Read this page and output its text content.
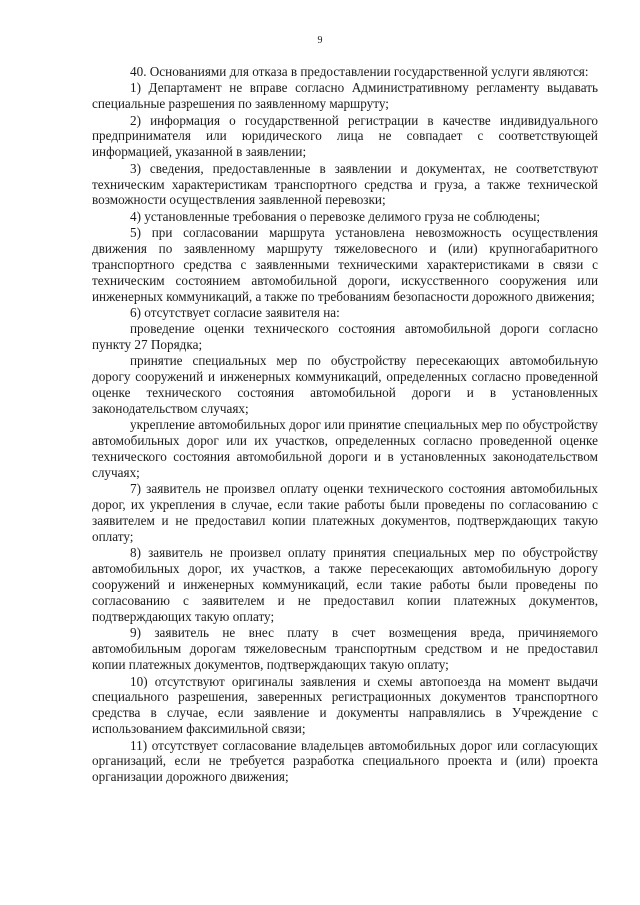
9

40. Основаниями для отказа в предоставлении государственной услуги являются:

1) Департамент не вправе согласно Административному регламенту выдавать специальные разрешения по заявленному маршруту;

2) информация о государственной регистрации в качестве индивидуального предпринимателя или юридического лица не совпадает с соответствующей информацией, указанной в заявлении;

3) сведения, предоставленные в заявлении и документах, не соответствуют техническим характеристикам транспортного средства и груза, а также технической возможности осуществления заявленной перевозки;

4) установленные требования о перевозке делимого груза не соблюдены;

5) при согласовании маршрута установлена невозможность осуществления движения по заявленному маршруту тяжеловесного и (или) крупногабаритного транспортного средства с заявленными техническими характеристиками в связи с техническим состоянием автомобильной дороги, искусственного сооружения или инженерных коммуникаций, а также по требованиям безопасности дорожного движения;

6) отсутствует согласие заявителя на:

проведение оценки технического состояния автомобильной дороги согласно пункту 27 Порядка;

принятие специальных мер по обустройству пересекающих автомобильную дорогу сооружений и инженерных коммуникаций, определенных согласно проведенной оценке технического состояния автомобильной дороги и в установленных законодательством случаях;

укрепление автомобильных дорог или принятие специальных мер по обустройству автомобильных дорог или их участков, определенных согласно проведенной оценке технического состояния автомобильной дороги и в установленных законодательством случаях;

7) заявитель не произвел оплату оценки технического состояния автомобильных дорог, их укрепления в случае, если такие работы были проведены по согласованию с заявителем и не предоставил копии платежных документов, подтверждающих такую оплату;

8) заявитель не произвел оплату принятия специальных мер по обустройству автомобильных дорог, их участков, а также пересекающих автомобильную дорогу сооружений и инженерных коммуникаций, если такие работы были проведены по согласованию с заявителем и не предоставил копии платежных документов, подтверждающих такую оплату;

9) заявитель не внес плату в счет возмещения вреда, причиняемого автомобильным дорогам тяжеловесным транспортным средством и не предоставил копии платежных документов, подтверждающих такую оплату;

10) отсутствуют оригиналы заявления и схемы автопоезда на момент выдачи специального разрешения, заверенных регистрационных документов транспортного средства в случае, если заявление и документы направлялись в Учреждение с использованием факсимильной связи;

11) отсутствует согласование владельцев автомобильных дорог или согласующих организаций, если не требуется разработка специального проекта и (или) проекта организации дорожного движения;
